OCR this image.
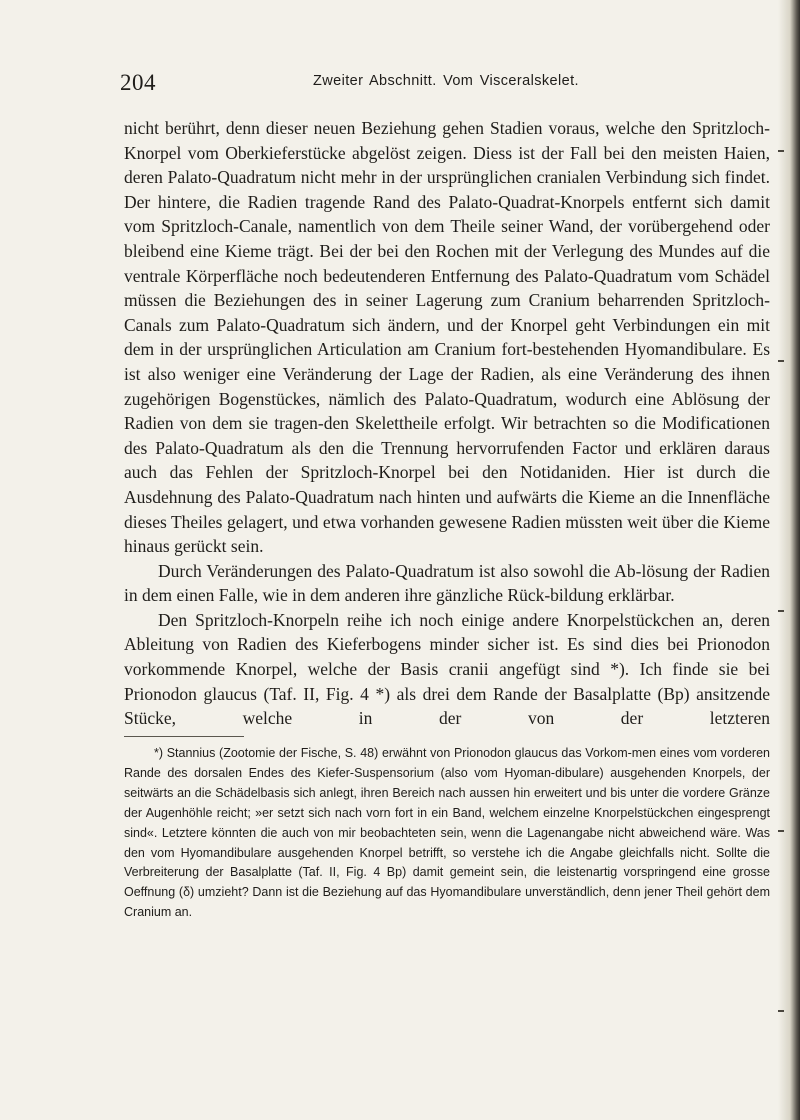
204	Zweiter Abschnitt. Vom Visceralskelet.

nicht berührt, denn dieser neuen Beziehung gehen Stadien voraus, welche den Spritzloch-Knorpel vom Oberkieferstücke abgelöst zeigen. Diess ist der Fall bei den meisten Haien, deren Palato-Quadratum nicht mehr in der ursprünglichen cranialen Verbindung sich findet. Der hintere, die Radien tragende Rand des Palato-Quadrat-Knorpels entfernt sich damit vom Spritzloch-Canale, namentlich von dem Theile seiner Wand, der vorübergehend oder bleibend eine Kieme trägt. Bei der bei den Rochen mit der Verlegung des Mundes auf die ventrale Körperfläche noch bedeutenderen Entfernung des Palato-Quadratum vom Schädel müssen die Beziehungen des in seiner Lagerung zum Cranium beharrenden Spritzloch-Canals zum Palato-Quadratum sich ändern, und der Knorpel geht Verbindungen ein mit dem in der ursprünglichen Articulation am Cranium fort-bestehenden Hyomandibulare. Es ist also weniger eine Veränderung der Lage der Radien, als eine Veränderung des ihnen zugehörigen Bogenstückes, nämlich des Palato-Quadratum, wodurch eine Ablösung der Radien von dem sie tragen-den Skelettheile erfolgt. Wir betrachten so die Modificationen des Palato-Quadratum als den die Trennung hervorrufenden Factor und erklären daraus auch das Fehlen der Spritzloch-Knorpel bei den Notidaniden. Hier ist durch die Ausdehnung des Palato-Quadratum nach hinten und aufwärts die Kieme an die Innenfläche dieses Theiles gelagert, und etwa vorhanden gewesene Radien müssten weit über die Kieme hinaus gerückt sein.

Durch Veränderungen des Palato-Quadratum ist also sowohl die Ab-lösung der Radien in dem einen Falle, wie in dem anderen ihre gänzliche Rück-bildung erklärbar.

Den Spritzloch-Knorpeln reihe ich noch einige andere Knorpelstückchen an, deren Ableitung von Radien des Kieferbogens minder sicher ist. Es sind dies bei Prionodon vorkommende Knorpel, welche der Basis cranii angefügt sind *). Ich finde sie bei Prionodon glaucus (Taf. II, Fig. 4 *) als drei dem Rande der Basalplatte (Bp) ansitzende Stücke, welche in der von der letzteren

*) Stannius (Zootomie der Fische, S. 48) erwähnt von Prionodon glaucus das Vorkom-men eines vom vorderen Rande des dorsalen Endes des Kiefer-Suspensorium (also vom Hyoman-dibulare) ausgehenden Knorpels, der seitwärts an die Schädelbasis sich anlegt, ihren Bereich nach aussen hin erweitert und bis unter die vordere Gränze der Augenhöhle reicht; »er setzt sich nach vorn fort in ein Band, welchem einzelne Knorpelstückchen eingesprengt sind«. Letztere könnten die auch von mir beobachteten sein, wenn die Lagenangabe nicht abweichend wäre. Was den vom Hyomandibulare ausgehenden Knorpel betrifft, so verstehe ich die Angabe gleichfalls nicht. Sollte die Verbreiterung der Basalplatte (Taf. II, Fig. 4 Bp) damit gemeint sein, die leistenartig vorspringend eine grosse Oeffnung (δ) umzieht? Dann ist die Beziehung auf das Hyomandibulare unverständlich, denn jener Theil gehört dem Cranium an.
